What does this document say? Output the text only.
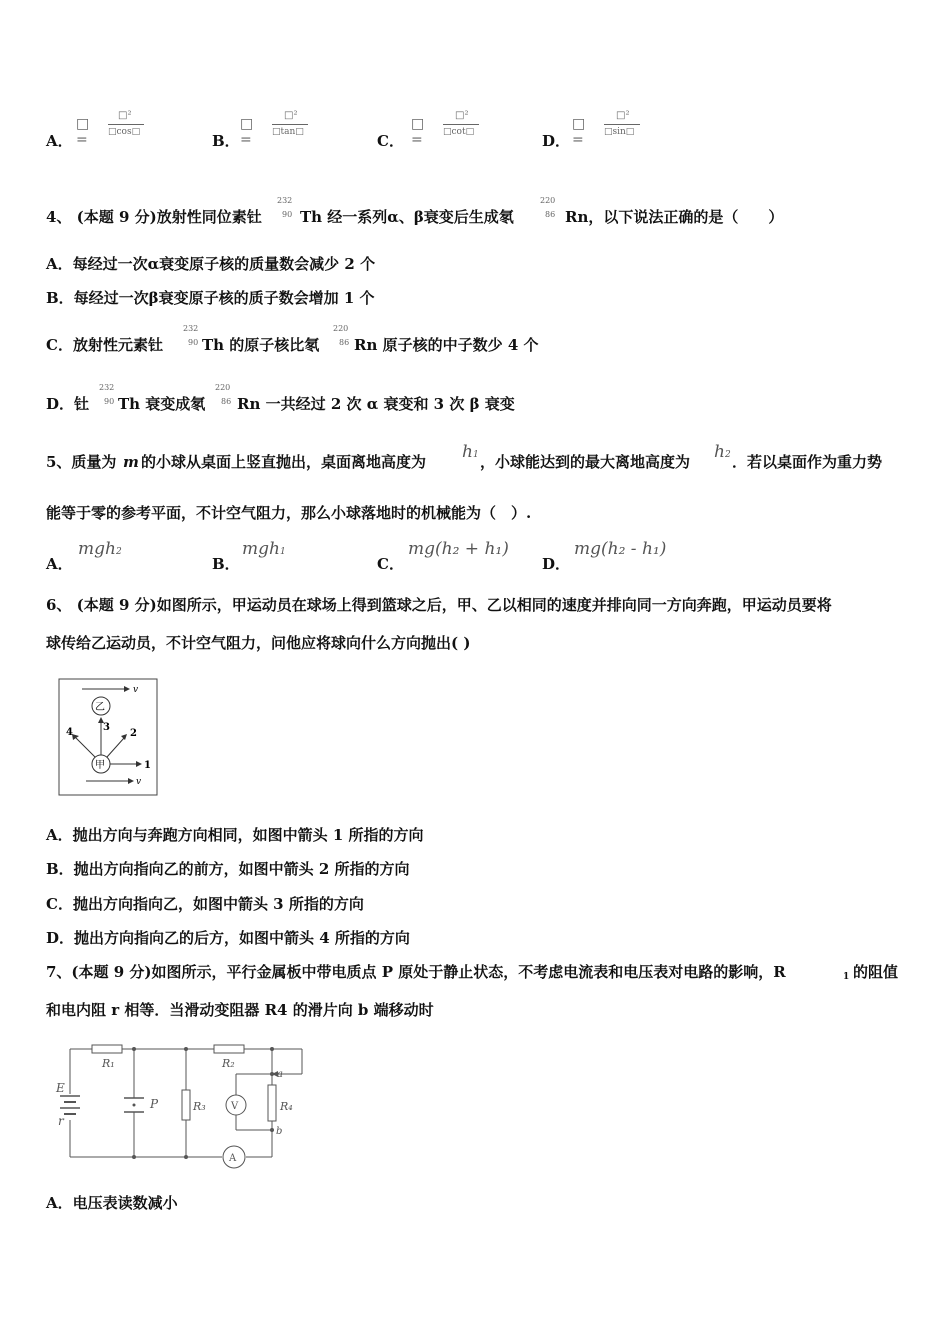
A．
□ =
□²
□cos□	B．
□ =
□²
□tan□	C．
□ =
□²
□cot□	D．
□ =
□²
□sin□
4、 (本题 9 分)放射性同位素钍
232
90 Th 经一系列α、β衰变后生成氡
220
86 Rn，以下说法正确的是（　　）
A．每经过一次α衰变原子核的质量数会减少 2 个
B．每经过一次β衰变原子核的质子数会增加 1 个
C．放射性元素钍
232
90 Th 的原子核比氡
220
86 Rn 原子核的中子数少 4 个
D．钍
232
90 Th 衰变成氡
220
86 Rn 一共经过 2 次 α 衰变和 3 次 β 衰变
5、质量为 m 的小球从桌面上竖直抛出，桌面离地高度为 h1 ，小球能达到的最大离地高度为 h2 ．若以桌面作为重力势
能等于零的参考平面，不计空气阻力，那么小球落地时的机械能为（　）.
A．
mgh2
B．
mgh1
C．
mg(h₂ + h₁)
D．
mg(h₂ - h₁)
6、 (本题 9 分)如图所示，甲运动员在球场上得到篮球之后，甲、乙以相同的速度并排向同一方向奔跑，甲运动员要将
球传给乙运动员，不计空气阻力，问他应将球向什么方向抛出( )
v
乙
甲	1
2
3
4
v
A．抛出方向与奔跑方向相同，如图中箭头 1 所指的方向
B．抛出方向指向乙的前方，如图中箭头 2 所指的方向
C．抛出方向指向乙，如图中箭头 3 所指的方向
D．抛出方向指向乙的后方，如图中箭头 4 所指的方向
7、(本题 9 分)如图所示，平行金属板中带电质点 P 原处于静止状态，不考虑电流表和电压表对电路的影响，R	1 的阻值
和电内阻 r 相等．当滑动变阻器 R4 的滑片向 b 端移动时
R₁	R₂
R₃	R₄
P	V
A
E
r
a
b
A．电压表读数减小
